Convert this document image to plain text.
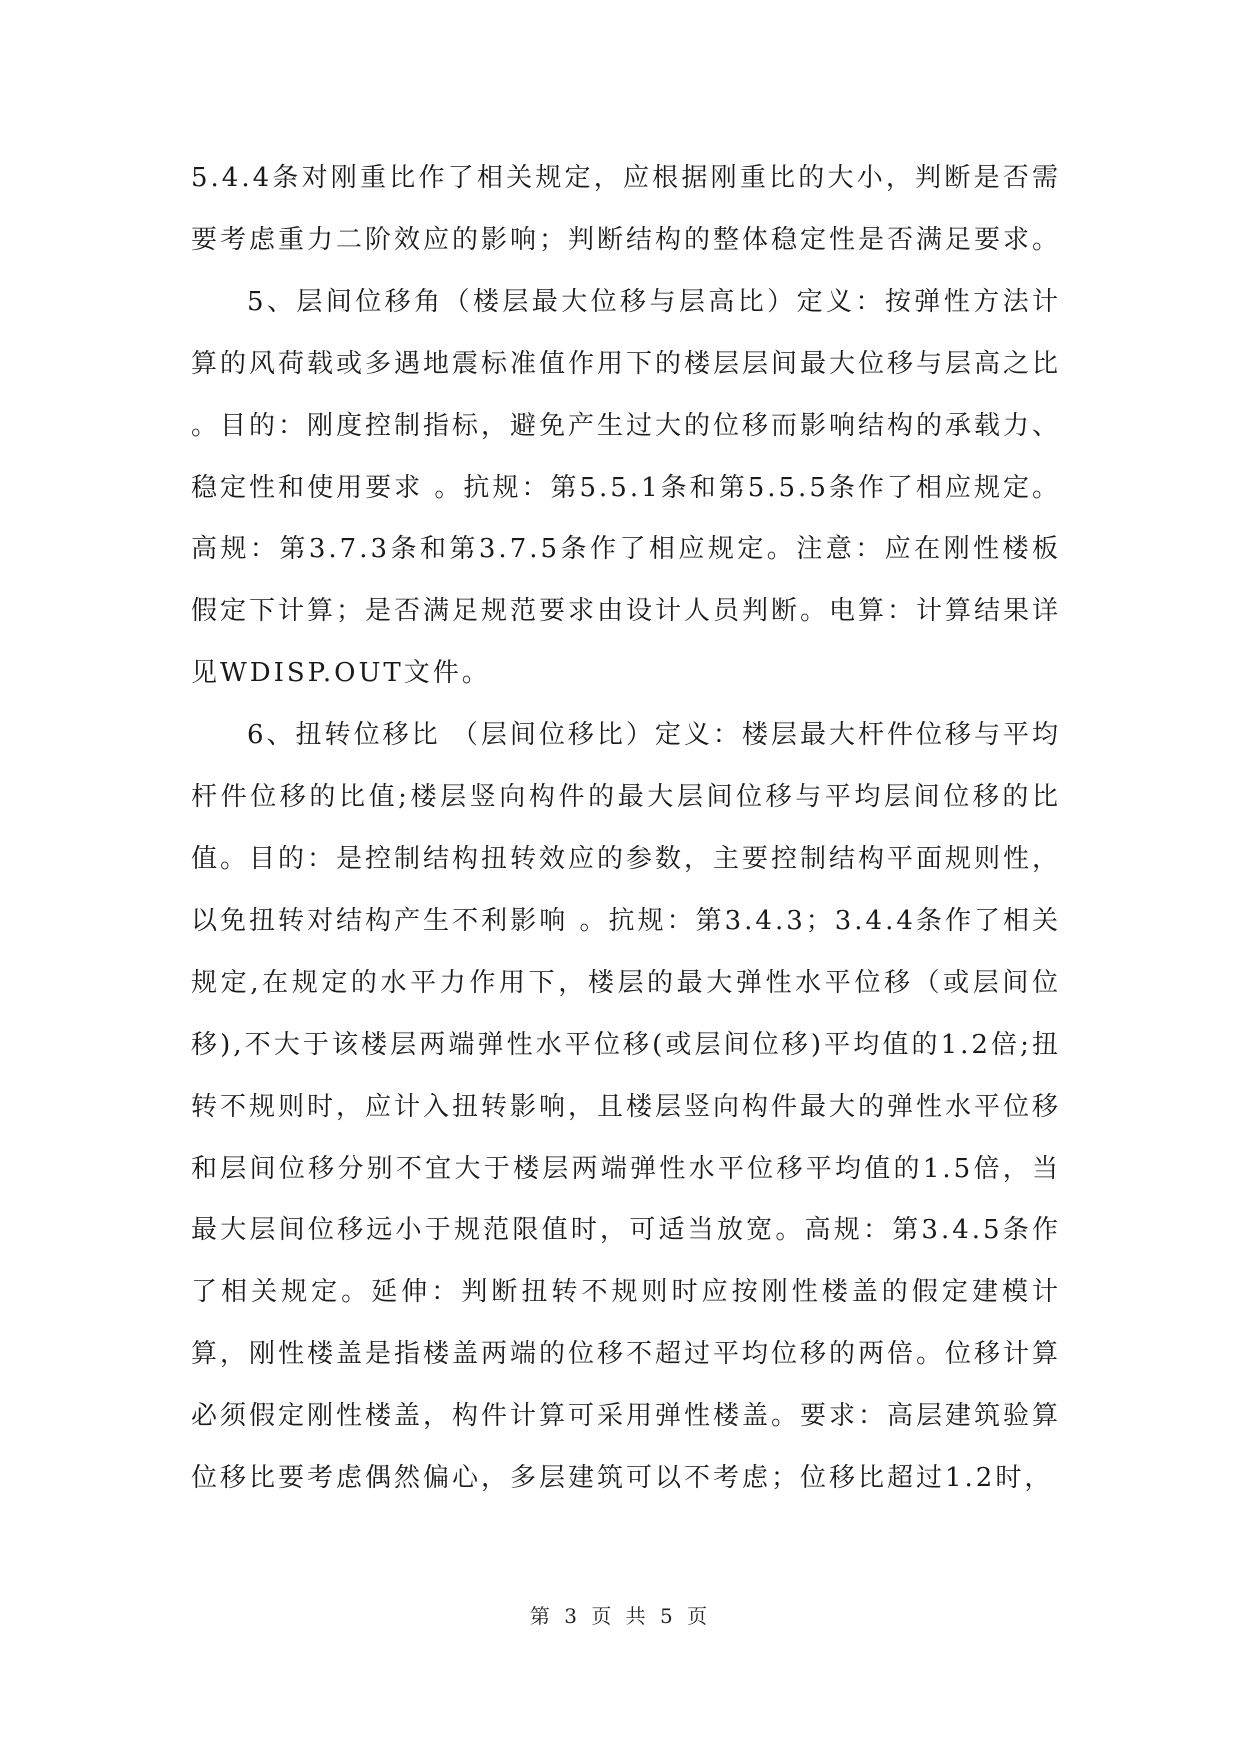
5.4.4条对刚重比作了相关规定，应根据刚重比的大小，判断是否需要考虑重力二阶效应的影响；判断结构的整体稳定性是否满足要求。

5、层间位移角（楼层最大位移与层高比）定义：按弹性方法计算的风荷载或多遇地震标准值作用下的楼层层间最大位移与层高之比 。目的：刚度控制指标，避免产生过大的位移而影响结构的承载力、稳定性和使用要求 。抗规：第5.5.1条和第5.5.5条作了相应规定。高规：第3.7.3条和第3.7.5条作了相应规定。注意：应在刚性楼板假定下计算；是否满足规范要求由设计人员判断。电算：计算结果详见WDISP.OUT文件。

6、扭转位移比 （层间位移比）定义：楼层最大杆件位移与平均杆件位移的比值;楼层竖向构件的最大层间位移与平均层间位移的比值。目的：是控制结构扭转效应的参数，主要控制结构平面规则性，以免扭转对结构产生不利影响 。抗规：第3.4.3；3.4.4条作了相关规定,在规定的水平力作用下，楼层的最大弹性水平位移（或层间位移),不大于该楼层两端弹性水平位移(或层间位移)平均值的1.2倍;扭转不规则时，应计入扭转影响，且楼层竖向构件最大的弹性水平位移和层间位移分别不宜大于楼层两端弹性水平位移平均值的1.5倍，当最大层间位移远小于规范限值时，可适当放宽。高规：第3.4.5条作了相关规定。延伸：判断扭转不规则时应按刚性楼盖的假定建模计算，刚性楼盖是指楼盖两端的位移不超过平均位移的两倍。位移计算必须假定刚性楼盖，构件计算可采用弹性楼盖。要求：高层建筑验算位移比要考虑偶然偏心，多层建筑可以不考虑；位移比超过1.2时，

第 3 页 共 5 页
